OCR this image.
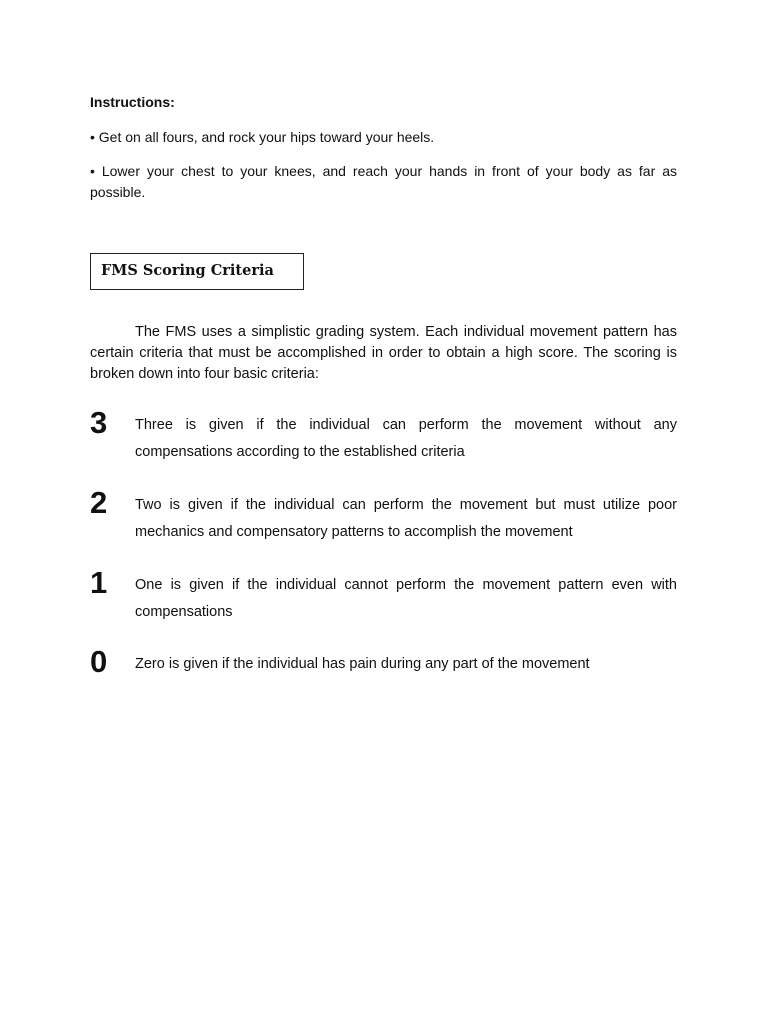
Instructions:
• Get on all fours, and rock your hips toward your heels.
• Lower your chest to your knees, and reach your hands in front of your body as far as possible.
FMS Scoring Criteria

The FMS uses a simplistic grading system. Each individual movement pattern has certain criteria that must be accomplished in order to obtain a high score. The scoring is broken down into four basic criteria:

3 Three is given if the individual can perform the movement without any compensations according to the established criteria
2 Two is given if the individual can perform the movement but must utilize poor mechanics and compensatory patterns to accomplish the movement
1 One is given if the individual cannot perform the movement pattern even with compensations
0 Zero is given if the individual has pain during any part of the movement
